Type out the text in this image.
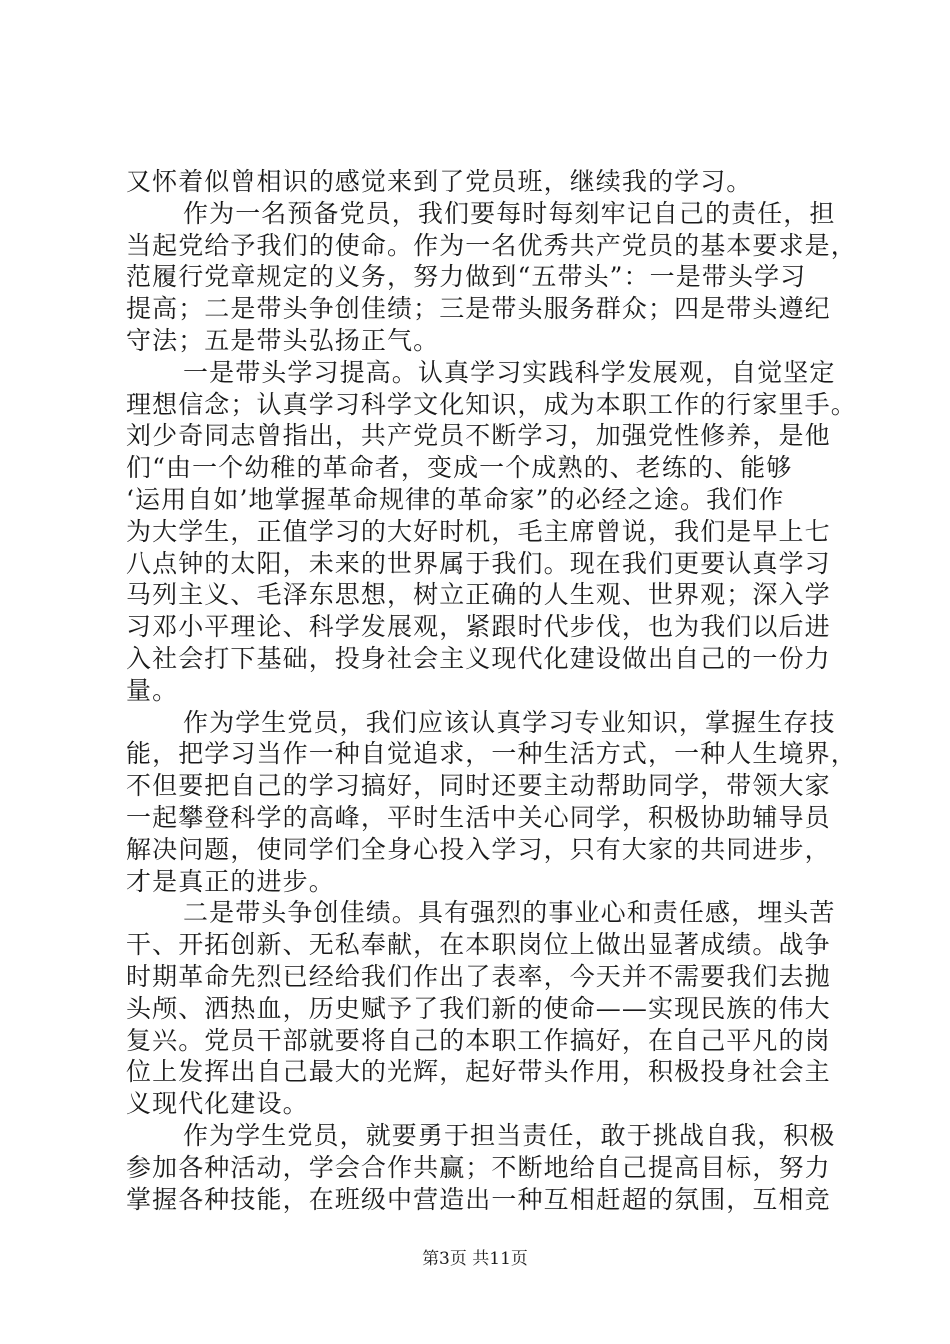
又怀着似曾相识的感觉来到了党员班，继续我的学习。
作为一名预备党员，我们要每时每刻牢记自己的责任，担
当起党给予我们的使命。作为一名优秀共产党员的基本要求是，
范履行党章规定的义务，努力做到“五带头”：一是带头学习
提高；二是带头争创佳绩；三是带头服务群众；四是带头遵纪
守法；五是带头弘扬正气。
一是带头学习提高。认真学习实践科学发展观，自觉坚定
理想信念；认真学习科学文化知识，成为本职工作的行家里手。
刘少奇同志曾指出，共产党员不断学习，加强党性修养，是他
们“由一个幼稚的革命者，变成一个成熟的、老练的、能够
‘运用自如’地掌握革命规律的革命家”的必经之途。我们作
为大学生，正值学习的大好时机，毛主席曾说，我们是早上七
八点钟的太阳，未来的世界属于我们。现在我们更要认真学习
马列主义、毛泽东思想，树立正确的人生观、世界观；深入学
习邓小平理论、科学发展观，紧跟时代步伐，也为我们以后进
入社会打下基础，投身社会主义现代化建设做出自己的一份力
量。
作为学生党员，我们应该认真学习专业知识，掌握生存技
能，把学习当作一种自觉追求，一种生活方式，一种人生境界，
不但要把自己的学习搞好，同时还要主动帮助同学，带领大家
一起攀登科学的高峰，平时生活中关心同学，积极协助辅导员
解决问题，使同学们全身心投入学习，只有大家的共同进步，
才是真正的进步。
二是带头争创佳绩。具有强烈的事业心和责任感，埋头苦
干、开拓创新、无私奉献，在本职岗位上做出显著成绩。战争
时期革命先烈已经给我们作出了表率，今天并不需要我们去抛
头颅、洒热血，历史赋予了我们新的使命——实现民族的伟大
复兴。党员干部就要将自己的本职工作搞好，在自己平凡的岗
位上发挥出自己最大的光辉，起好带头作用，积极投身社会主
义现代化建设。
作为学生党员，就要勇于担当责任，敢于挑战自我，积极
参加各种活动，学会合作共赢；不断地给自己提高目标，努力
掌握各种技能，在班级中营造出一种互相赶超的氛围，互相竞
第3页 共11页
